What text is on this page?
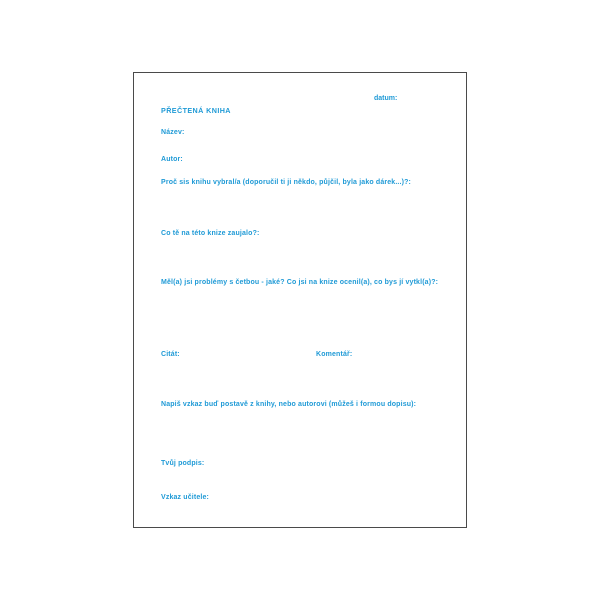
datum:
PŘEČTENÁ KNIHA
Název:
Autor:
Proč sis knihu vybral/a (doporučil ti ji někdo, půjčil, byla jako dárek...)?:
Co tě na této knize zaujalo?:
Měl(a) jsi problémy s četbou - jaké? Co jsi na knize ocenil(a), co bys jí vytkl(a)?:
Citát:	Komentář:
Napiš vzkaz buď postavě z knihy, nebo autorovi (můžeš i formou dopisu):
Tvůj podpis:
Vzkaz učitele:
